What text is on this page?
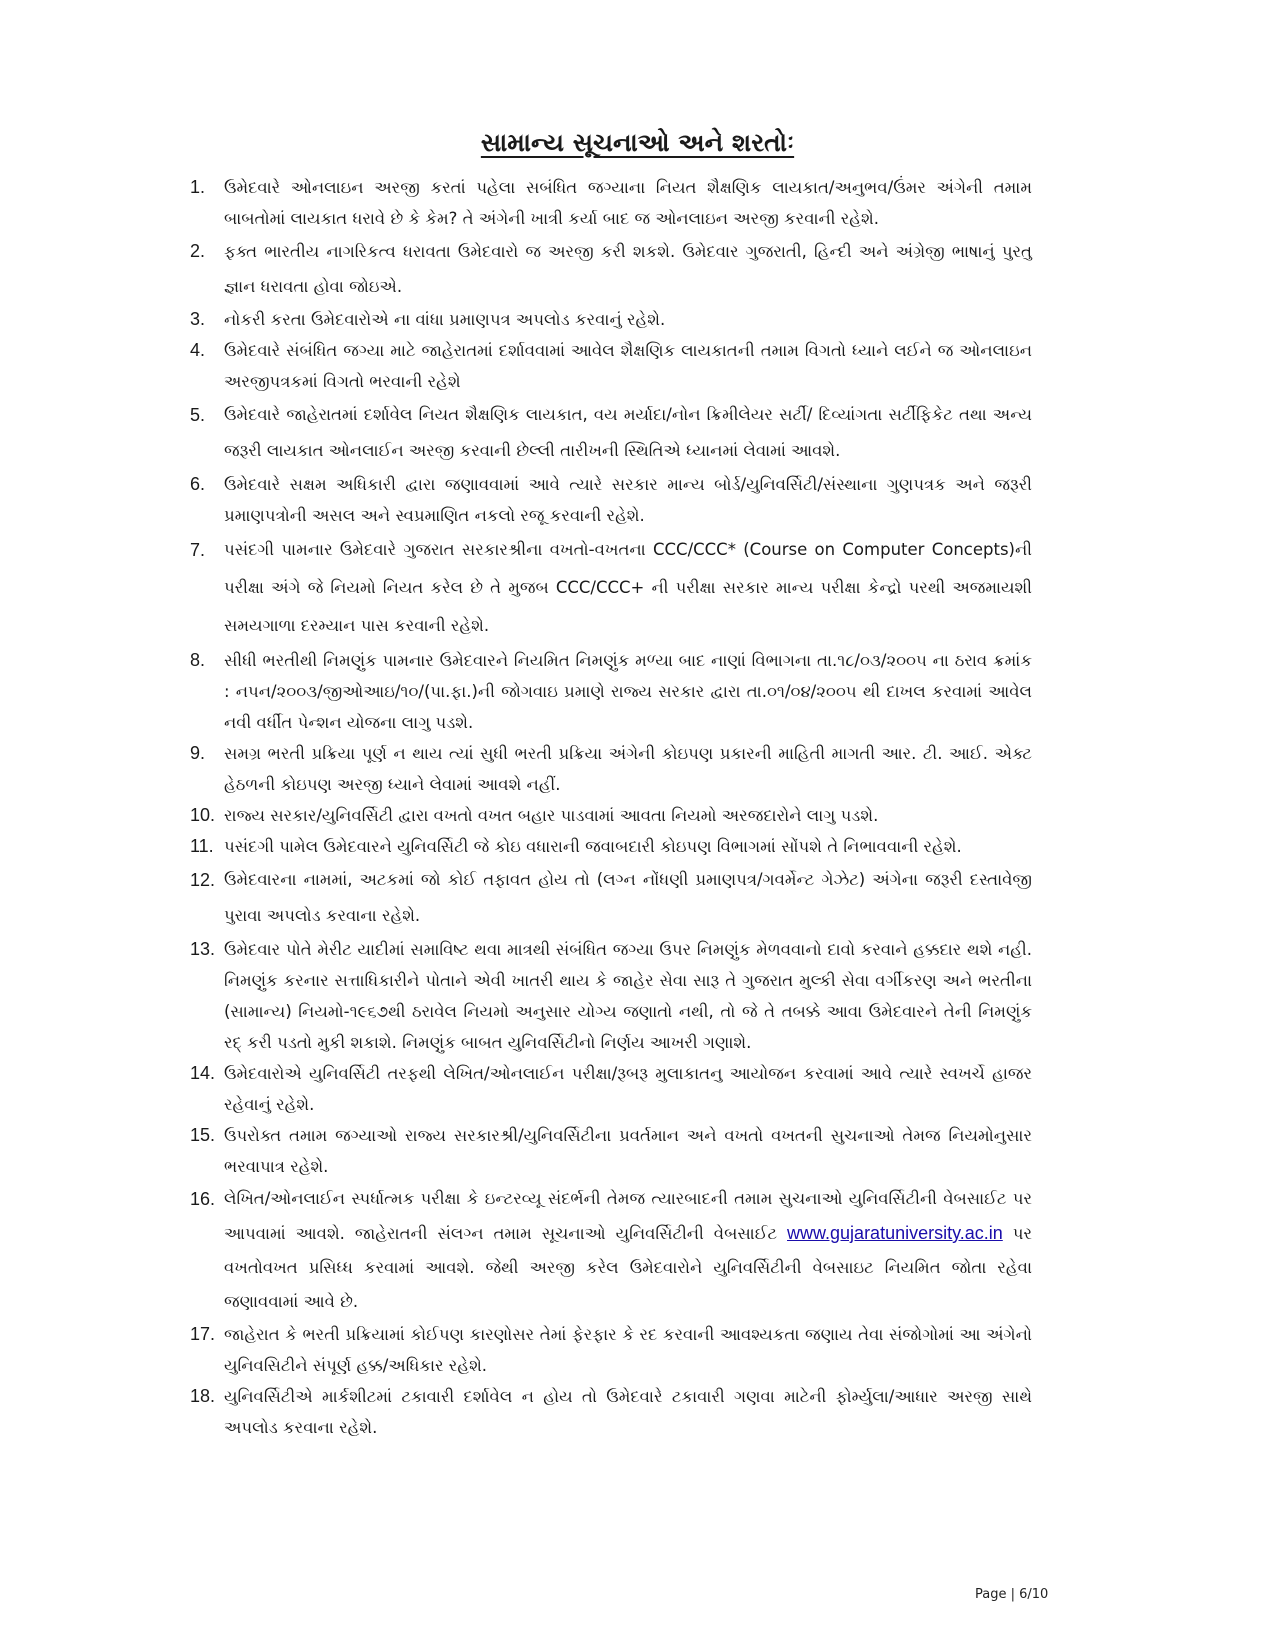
સામાન્ય સૂચનાઓ અને શરતોઃ
1. ઉમેદવારે ઓનલાઇન અરજી કરતાં પહેલા સબંધિત જગ્યાના નિયત શૈક્ષણિક લાયકાત/અનુભવ/ઉંમર અંગેની તમામ બાબતોમાં લાયકાત ધરાવે છે કે કેમ? તે અંગેની ખાત્રી કર્યા બાદ જ ઓનલાઇન અરજી કરવાની રહેશે.
2. ફક્ત ભારતીય નાગરિકત્વ ધરાવતા ઉમેદવારો જ અરજી કરી શકશે. ઉમેદવાર ગુજરાતી, હિન્દી અને અંગ્રેજી ભાષાનું પુરતુ જ્ઞાન ધરાવતા હોવા જોઇએ.
3. નોકરી કરતા ઉમેદવારોએ ના વાંધા પ્રમાણપત્ર અપલોડ કરવાનું રહેશે.
4. ઉમેદવારે સંબંધિત જગ્યા માટે જાહેરાતમાં દર્શાવવામાં આવેલ શૈક્ષણિક લાયકાતની તમામ વિગતો ધ્યાને લઈને જ ઓનલાઇન અરજીપત્રકમાં વિગતો ભરવાની રહેશે
5. ઉમેદવારે જાહેરાતમાં દર્શાવેલ નિયત શૈક્ષણિક લાયકાત, વય મર્યાદા/નોન ક્રિમીલેયર સર્ટી/ દિવ્યાંગતા સર્ટીફિકેટ તથા અન્ય જરૂરી લાયકાત ઓનલાઈન અરજી કરવાની છેલ્લી તારીખની સ્થિતિએ ધ્યાનમાં લેવામાં આવશે.
6. ઉમેદવારે સક્ષમ અધિકારી દ્વારા જણાવવામાં આવે ત્યારે સરકાર માન્ય બોર્ડ/યુનિવર્સિટી/સંસ્થાના ગુણપત્રક અને જરૂરી પ્રમાણપત્રોની અસલ અને સ્વપ્રમાણિત નકલો રજૂ કરવાની રહેશે.
7. પસંદગી પામનાર ઉમેદવારે ગુજરાત સરકારશ્રીના વખતો-વખતના CCC/CCC* (Course on Computer Concepts)ની પરીક્ષા અંગે જે નિયમો નિયત કરેલ છે તે મુજબ CCC/CCC+ ની પરીક્ષા સરકાર માન્ય પરીક્ષા કેન્દ્રો પરથી અજમાયશી સમયગાળા દરમ્યાન પાસ કરવાની રહેશે.
8. સીધી ભરતીથી નિમણુંક પામનાર ઉમેદવારને નિયમિત નિમણુંક મળ્યા બાદ નાણાં વિભાગના તા.૧૮/૦૩/૨૦૦૫ ના ઠરાવ ક્રમાંક : નપન/૨૦૦૩/જીઓઆઇ/૧૦/(પા.ફા.)ની જોગવાઇ પ્રમાણે રાજ્ય સરકાર દ્વારા તા.૦૧/૦૪/૨૦૦૫ થી દાખલ કરવામાં આવેલ નવી વર્ધીત પેન્શન યોજના લાગુ પડશે.
9. સમગ્ર ભરતી પ્રક્રિયા પૂર્ણ ન થાય ત્યાં સુધી ભરતી પ્રક્રિયા અંગેની કોઇપણ પ્રકારની માહિતી માગતી આર. ટી. આઈ. એક્ટ હેઠળની કોઇપણ અરજી ધ્યાને લેવામાં આવશે નહીં.
10. રાજ્ય સરકાર/યુનિવર્સિટી દ્વારા વખતો વખત બહાર પાડવામાં આવતા નિયમો અરજદારોને લાગુ પડશે.
11. પસંદગી પામેલ ઉમેદવારને યુનિવર્સિટી જે કોઇ વધારાની જવાબદારી કોઇપણ વિભાગમાં સોંપશે તે નિભાવવાની રહેશે.
12. ઉમેદવારના નામમાં, અટકમાં જો કોઈ તફાવત હોય તો (લગ્ન નોંધણી પ્રમાણપત્ર/ગવર્મેન્ટ ગેઝેટ) અંગેના જરૂરી દસ્તાવેજી પુરાવા અપલોડ કરવાના રહેશે.
13. ઉમેદવાર પોતે મેરીટ યાદીમાં સમાવિષ્ટ થવા માત્રથી સંબંધિત જગ્યા ઉપર નિમણુંક મેળવવાનો દાવો કરવાને હક્કદાર થશે નહી. નિમણુંક કરનાર સત્તાધિકારીને પોતાને એવી ખાતરી થાય કે જાહેર સેવા સારૂ તે ગુજરાત મુલ્કી સેવા વર્ગીકરણ અને ભરતીના (સામાન્ય) નિયમો-૧૯૬૭થી ઠરાવેલ નિયમો અનુસાર યોગ્ય જણાતો નથી, તો જે તે તબક્કે આવા ઉમેદવારને તેની નિમણુંક રદ્ કરી પડતો મુકી શકાશે. નિમણુંક બાબત યુનિવર્સિટીનો નિર્ણય આખરી ગણાશે.
14. ઉમેદવારોએ યુનિવર્સિટી તરફથી લેખિત/ઓનલાઈન પરીક્ષા/રૂબરૂ મુલાકાતનુ આયોજન કરવામાં આવે ત્યારે સ્વખર્ચે હાજર રહેવાનું રહેશે.
15. ઉપરોક્ત તમામ જગ્યાઓ રાજ્ય સરકારશ્રી/યુનિવર્સિટીના પ્રવર્તમાન અને વખતો વખતની સુચનાઓ તેમજ નિયમોનુસાર ભરવાપાત્ર રહેશે.
16. લેખિત/ઓનલાઈન સ્પર્ધાત્મક પરીક્ષા કે ઇન્ટરવ્યૂ સંદર્ભની તેમજ ત્યારબાદની તમામ સુચનાઓ યુનિવર્સિટીની વેબસાઈટ પર આપવામાં આવશે. જાહેરાતની સંલગ્ન તમામ સૂચનાઓ યુનિવર્સિટીની વેબસાઈટ www.gujaratuniversity.ac.in પર વખતોવખત પ્રસિધ્ધ કરવામાં આવશે. જેથી અરજી કરેલ ઉમેદવારોને યુનિવર્સિટીની વેબસાઇટ નિયમિત જોતા રહેવા જણાવવામાં આવે છે.
17. જાહેરાત કે ભરતી પ્રક્રિયામાં કોઈપણ કારણોસર તેમાં ફેરફાર કે રદ કરવાની આવશ્યકતા જણાય તેવા સંજોગોમાં આ અંગેનો યુનિવસિટીને સંપૂર્ણ હક્ક/અધિકાર રહેશે.
18. યુનિવર્સિટીએ માર્કશીટમાં ટકાવારી દર્શાવેલ ન હોય તો ઉમેદવારે ટકાવારી ગણવા માટેની ફોર્મ્યુલા/આધાર અરજી સાથે અપલોડ કરવાના રહેશે.
Page | 6/10
